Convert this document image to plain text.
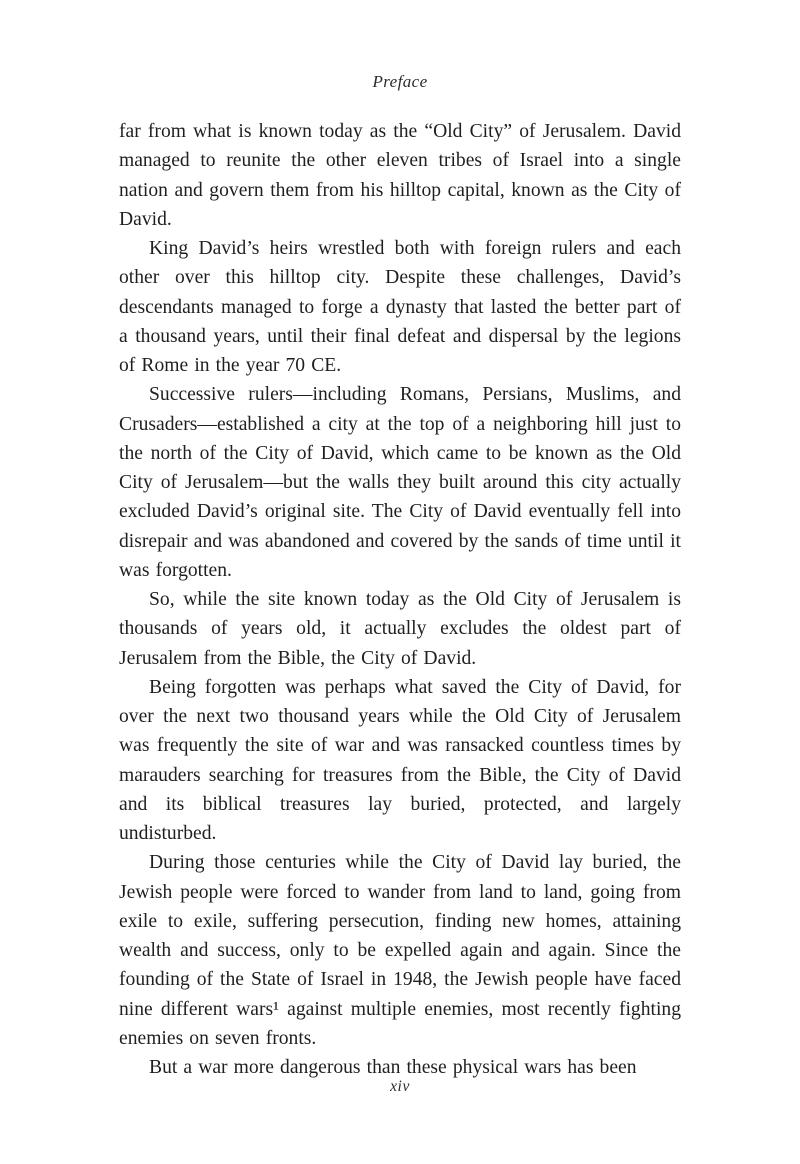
Preface

far from what is known today as the “Old City” of Jerusalem. David managed to reunite the other eleven tribes of Israel into a single nation and govern them from his hilltop capital, known as the City of David.

King David’s heirs wrestled both with foreign rulers and each other over this hilltop city. Despite these challenges, David’s descendants managed to forge a dynasty that lasted the better part of a thousand years, until their final defeat and dispersal by the legions of Rome in the year 70 CE.

Successive rulers—including Romans, Persians, Muslims, and Crusaders—established a city at the top of a neighboring hill just to the north of the City of David, which came to be known as the Old City of Jerusalem—but the walls they built around this city actually excluded David’s original site. The City of David eventually fell into disrepair and was abandoned and covered by the sands of time until it was forgotten.

So, while the site known today as the Old City of Jerusalem is thousands of years old, it actually excludes the oldest part of Jerusalem from the Bible, the City of David.

Being forgotten was perhaps what saved the City of David, for over the next two thousand years while the Old City of Jerusalem was frequently the site of war and was ransacked countless times by marauders searching for treasures from the Bible, the City of David and its biblical treasures lay buried, protected, and largely undisturbed.

During those centuries while the City of David lay buried, the Jewish people were forced to wander from land to land, going from exile to exile, suffering persecution, finding new homes, attaining wealth and success, only to be expelled again and again. Since the founding of the State of Israel in 1948, the Jewish people have faced nine different wars¹ against multiple enemies, most recently fighting enemies on seven fronts.

But a war more dangerous than these physical wars has been

xiv
